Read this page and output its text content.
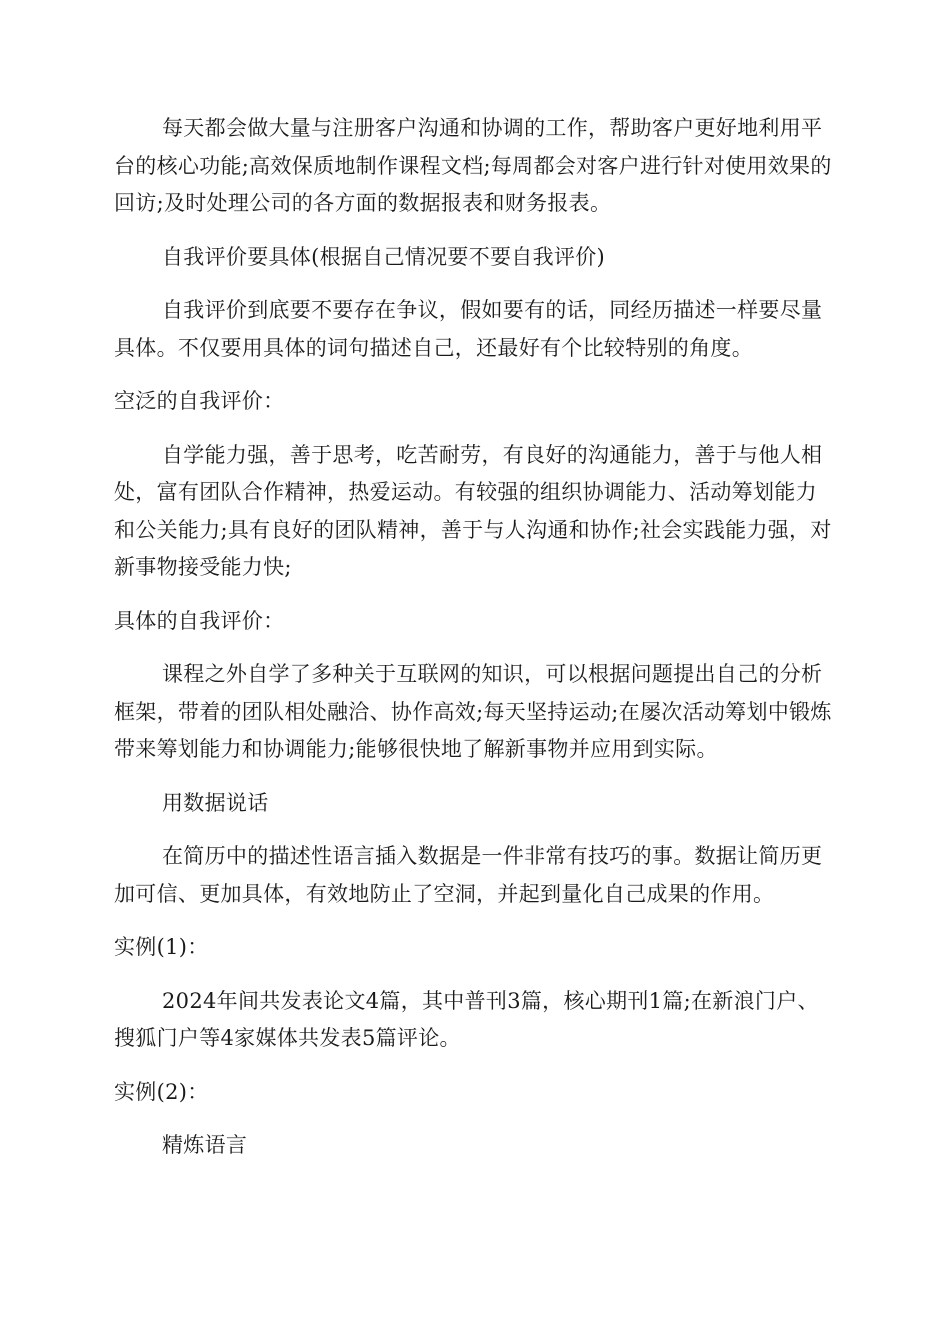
每天都会做大量与注册客户沟通和协调的工作，帮助客户更好地利用平台的核心功能;高效保质地制作课程文档;每周都会对客户进行针对使用效果的回访;及时处理公司的各方面的数据报表和财务报表。

自我评价要具体(根据自己情况要不要自我评价)

自我评价到底要不要存在争议，假如要有的话，同经历描述一样要尽量具体。不仅要用具体的词句描述自己，还最好有个比较特别的角度。

空泛的自我评价：

自学能力强，善于思考，吃苦耐劳，有良好的沟通能力，善于与他人相处，富有团队合作精神，热爱运动。有较强的组织协调能力、活动筹划能力和公关能力;具有良好的团队精神，善于与人沟通和协作;社会实践能力强，对新事物接受能力快;

具体的自我评价：

课程之外自学了多种关于互联网的知识，可以根据问题提出自己的分析框架，带着的团队相处融洽、协作高效;每天坚持运动;在屡次活动筹划中锻炼带来筹划能力和协调能力;能够很快地了解新事物并应用到实际。

用数据说话

在简历中的描述性语言插入数据是一件非常有技巧的事。数据让简历更加可信、更加具体，有效地防止了空洞，并起到量化自己成果的作用。

实例(1)：

2024年间共发表论文4篇，其中普刊3篇，核心期刊1篇;在新浪门户、搜狐门户等4家媒体共发表5篇评论。

实例(2)：

精炼语言
